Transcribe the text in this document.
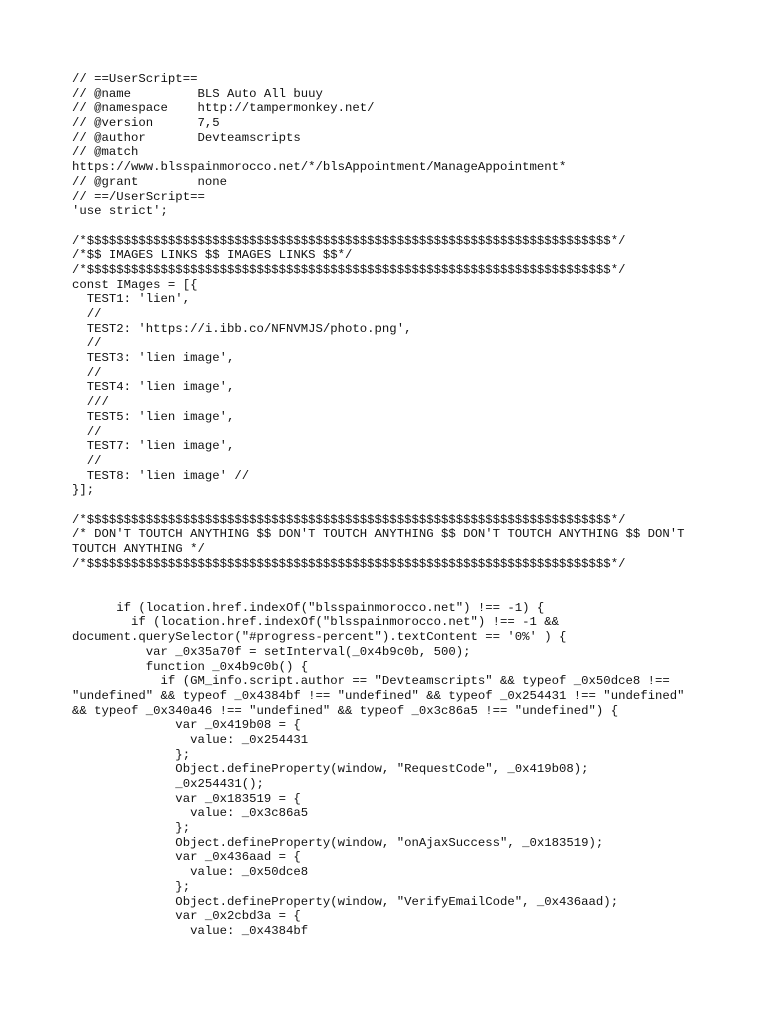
// ==UserScript==
// @name         BLS Auto All buuy
// @namespace    http://tampermonkey.net/
// @version      7,5
// @author       Devteamscripts
// @match
https://www.blsspainmorocco.net/*/blsAppointment/ManageAppointment*
// @grant        none
// ==/UserScript==
'use strict';
/*$$$$$$$$$$$$$$$$$$$$$$$$$$$$$$$$$$$$$$$$$$$$$$$$$$$$$$$$$$$$$$$$$$$$$$$*/
/*$$ IMAGES LINKS $$ IMAGES LINKS $$*/
/*$$$$$$$$$$$$$$$$$$$$$$$$$$$$$$$$$$$$$$$$$$$$$$$$$$$$$$$$$$$$$$$$$$$$$$$*/
const IMages = [{
TEST1: 'lien',
//
TEST2: 'https://i.ibb.co/NFNVMJS/photo.png',
//
TEST3: 'lien image',
//
TEST4: 'lien image',
///
TEST5: 'lien image',
//
TEST7: 'lien image',
//
TEST8: 'lien image' //
}];
/*$$$$$$$$$$$$$$$$$$$$$$$$$$$$$$$$$$$$$$$$$$$$$$$$$$$$$$$$$$$$$$$$$$$$$$$*/
/* DON'T TOUTCH ANYTHING $$ DON'T TOUTCH ANYTHING $$ DON'T TOUTCH ANYTHING $$ DON'T
TOUTCH ANYTHING */
/*$$$$$$$$$$$$$$$$$$$$$$$$$$$$$$$$$$$$$$$$$$$$$$$$$$$$$$$$$$$$$$$$$$$$$$$*/
if (location.href.indexOf("blsspainmorocco.net") !== -1) {
if (location.href.indexOf("blsspainmorocco.net") !== -1 &&
document.querySelector("#progress-percent").textContent == '0%' ) {
var _0x35a70f = setInterval(_0x4b9c0b, 500);
function _0x4b9c0b() {
if (GM_info.script.author == "Devteamscripts" && typeof _0x50dce8 !==
"undefined" && typeof _0x4384bf !== "undefined" && typeof _0x254431 !== "undefined"
&& typeof _0x340a46 !== "undefined" && typeof _0x3c86a5 !== "undefined") {
var _0x419b08 = {
value: _0x254431
};
Object.defineProperty(window, "RequestCode", _0x419b08);
_0x254431();
var _0x183519 = {
value: _0x3c86a5
};
Object.defineProperty(window, "onAjaxSuccess", _0x183519);
var _0x436aad = {
value: _0x50dce8
};
Object.defineProperty(window, "VerifyEmailCode", _0x436aad);
var _0x2cbd3a = {
value: _0x4384bf
